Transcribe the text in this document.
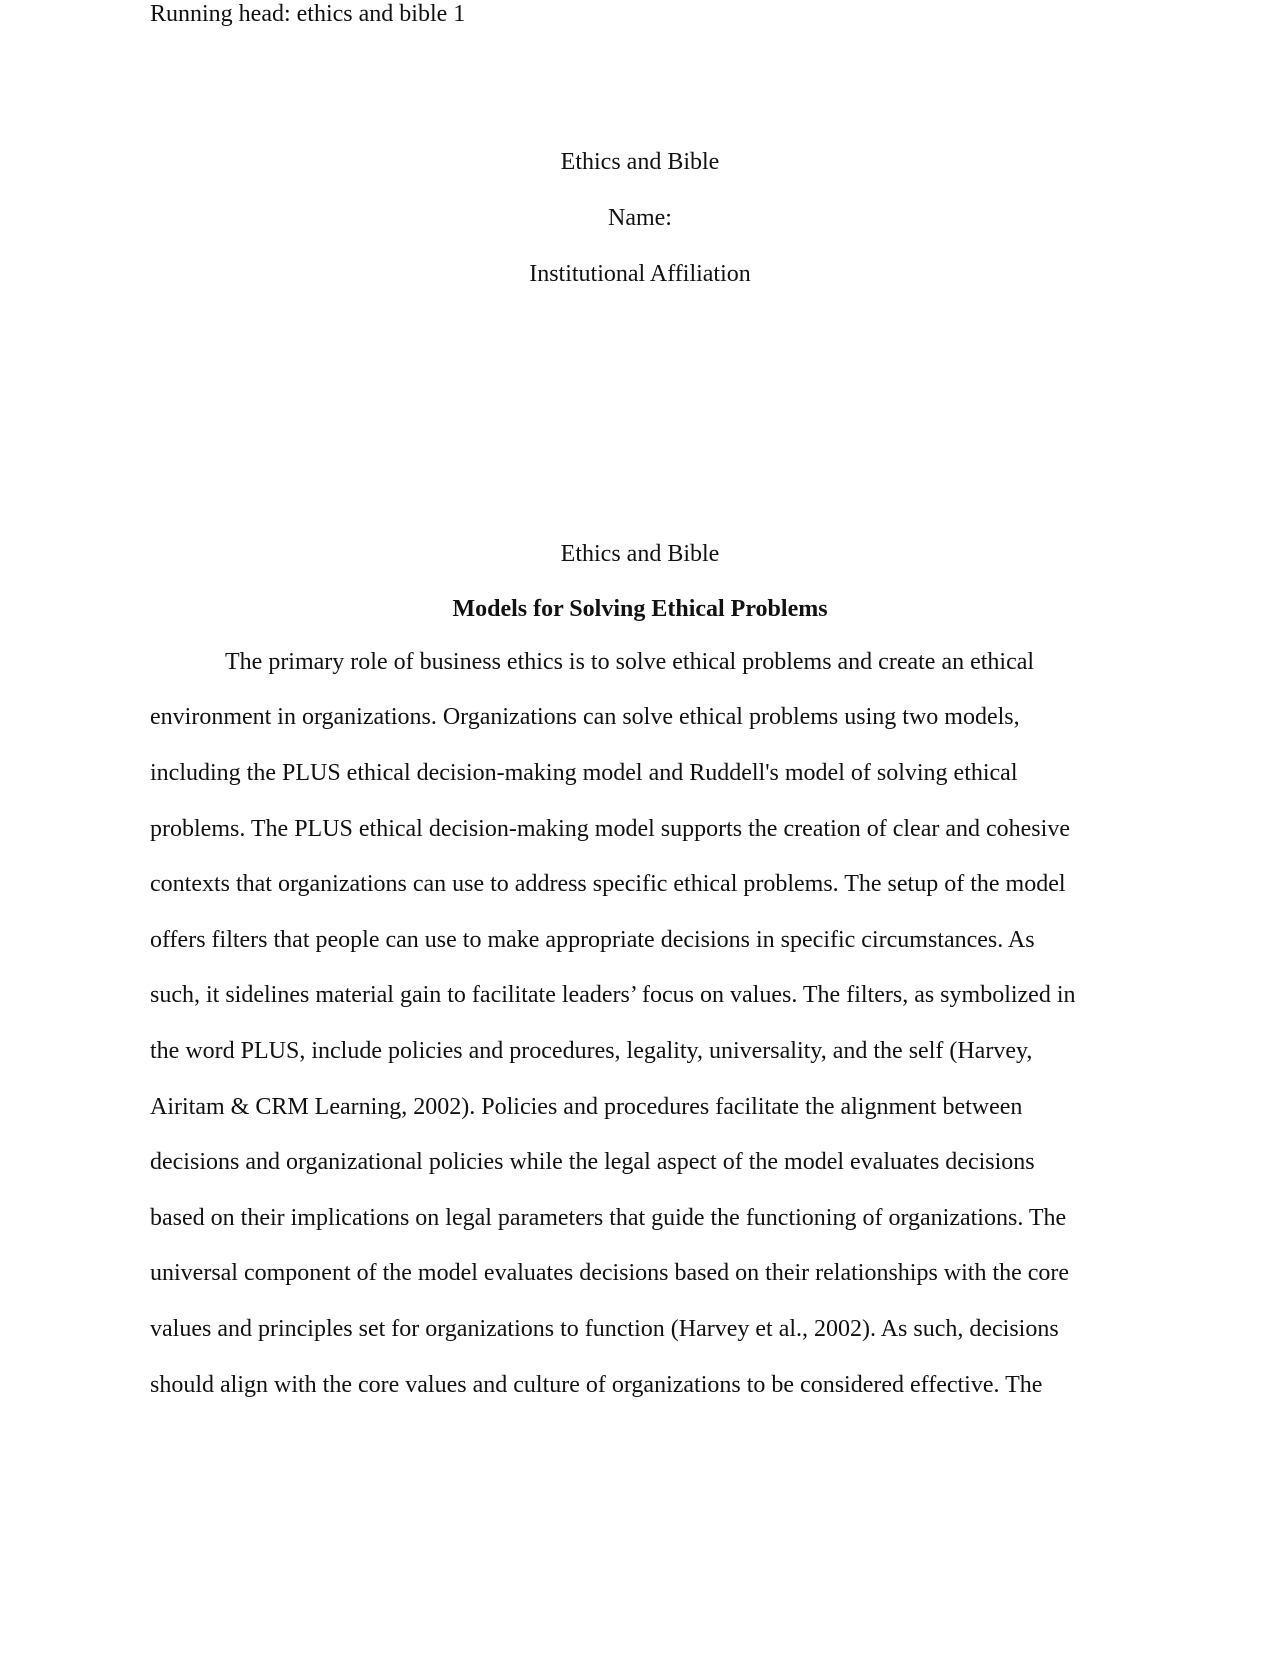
Running head: ethics and bible 1
Ethics and Bible
Name:
Institutional Affiliation
Ethics and Bible
Models for Solving Ethical Problems
The primary role of business ethics is to solve ethical problems and create an ethical
environment in organizations. Organizations can solve ethical problems using two models,
including the PLUS ethical decision-making model and Ruddell's model of solving ethical
problems. The PLUS ethical decision-making model supports the creation of clear and cohesive
contexts that organizations can use to address specific ethical problems. The setup of the model
offers filters that people can use to make appropriate decisions in specific circumstances. As
such, it sidelines material gain to facilitate leaders’ focus on values. The filters, as symbolized in
the word PLUS, include policies and procedures, legality, universality, and the self (Harvey,
Airitam & CRM Learning, 2002). Policies and procedures facilitate the alignment between
decisions and organizational policies while the legal aspect of the model evaluates decisions
based on their implications on legal parameters that guide the functioning of organizations. The
universal component of the model evaluates decisions based on their relationships with the core
values and principles set for organizations to function (Harvey et al., 2002). As such, decisions
should align with the core values and culture of organizations to be considered effective. The
